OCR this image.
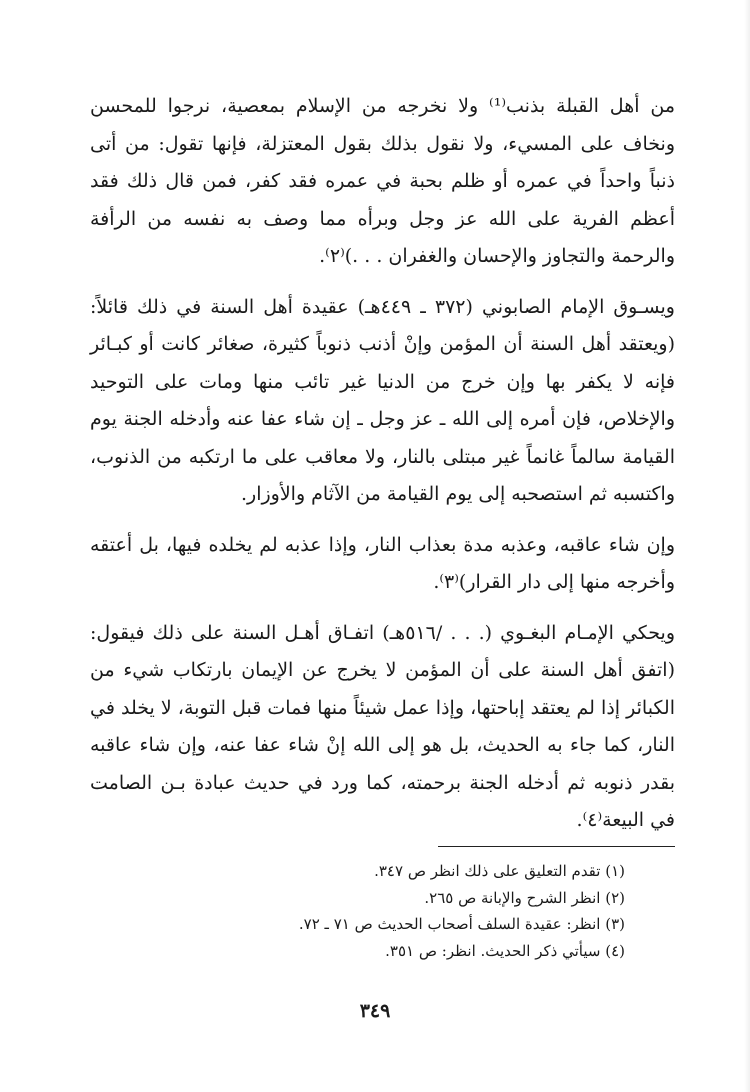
من أهل القبلة بذنب⁽¹⁾ ولا نخرجه من الإسلام بمعصية، نرجوا للمحسن ونخاف على المسيء، ولا نقول بذلك بقول المعتزلة، فإنها تقول: من أتى ذنباً واحداً في عمره أو ظلم بحبة في عمره فقد كفر، فمن قال ذلك فقد أعظم الفرية على الله عز وجل وبرأه مما وصف به نفسه من الرأفة والرحمة والتجاوز والإحسان والغفران . . .)⁽٢⁾.

ويسـوق الإمام الصابوني (٣٧٢ ـ ٤٤٩هـ) عقيدة أهل السنة في ذلك قائلاً: (ويعتقد أهل السنة أن المؤمن وإنْ أذنب ذنوباً كثيرة، صغائر كانت أو كبـائر فإنه لا يكفر بها وإن خرج من الدنيا غير تائب منها ومات على التوحيد والإخلاص، فإن أمره إلى الله ـ عز وجل ـ إن شاء عفا عنه وأدخله الجنة يوم القيامة سالماً غانماً غير مبتلى بالنار، ولا معاقب على ما ارتكبه من الذنوب، واكتسبه ثم استصحبه إلى يوم القيامة من الآثام والأوزار.

وإن شاء عاقبه، وعذبه مدة بعذاب النار، وإذا عذبه لم يخلده فيها، بل أعتقه وأخرجه منها إلى دار القرار)⁽٣⁾.

ويحكي الإمـام البغـوي (. . . /٥١٦هـ) اتفـاق أهـل السنة على ذلك فيقول: (اتفق أهل السنة على أن المؤمن لا يخرج عن الإيمان بارتكاب شيء من الكبائر إذا لم يعتقد إباحتها، وإذا عمل شيئاً منها فمات قبل التوبة، لا يخلد في النار، كما جاء به الحديث، بل هو إلى الله إنْ شاء عفا عنه، وإن شاء عاقبه بقدر ذنوبه ثم أدخله الجنة برحمته، كما ورد في حديث عبادة بـن الصامت في البيعة⁽٤⁾.

(١) تقدم التعليق على ذلك انظر ص ٣٤٧.
(٢) انظر الشرح والإبانة ص ٢٦٥.
(٣) انظر: عقيدة السلف أصحاب الحديث ص ٧١ ـ ٧٢.
(٤) سيأتي ذكر الحديث. انظر: ص ٣٥١.
٣٤٩
